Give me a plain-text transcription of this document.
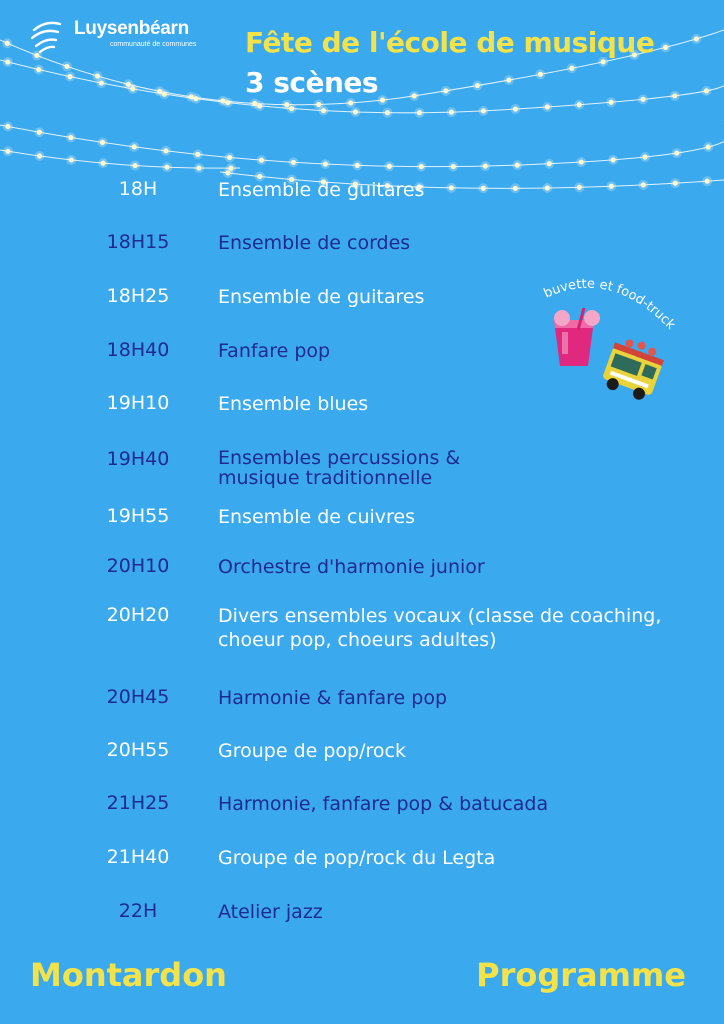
Luysenbéarn
communauté de communes Fête de l'école de musique
3 scènes
18H	Ensemble de guitares
18H15	Ensemble de cordes
18H25	Ensemble de guitares
18H40	Fanfare pop
19H10	Ensemble blues
19H40	Ensembles percussions &
musique traditionnelle
19H55	Ensemble de cuivres
20H10	Orchestre d'harmonie junior
20H20	Divers ensembles vocaux (classe de coaching,
choeur pop, choeurs adultes)
20H45	Harmonie & fanfare pop
20H55	Groupe de pop/rock
21H25	Harmonie, fanfare pop & batucada
21H40	Groupe de pop/rock du Legta
22H	Atelier jazz
buvette et food-truck
Montardon	Programme
